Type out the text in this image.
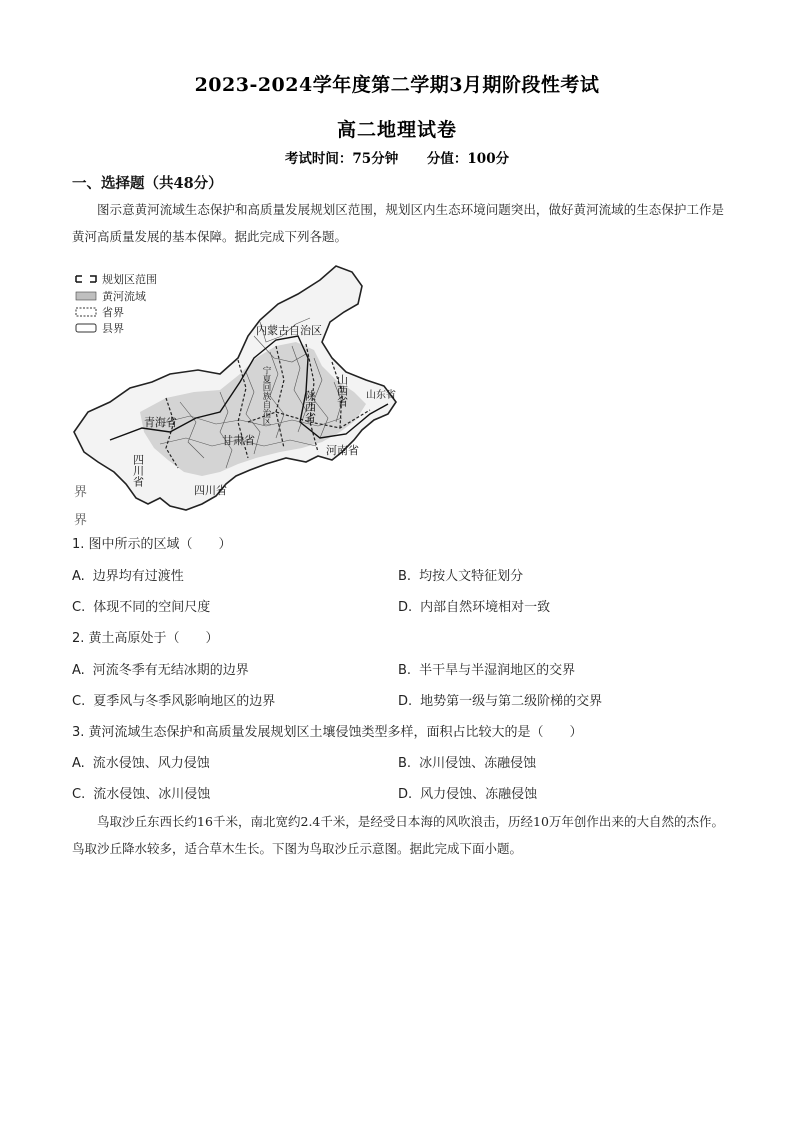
2023-2024学年度第二学期3月期阶段性考试
高二地理试卷
考试时间：75分钟 分值：100分
一、选择题（共48分）
图示意黄河流域生态保护和高质量发展规划区范围，规划区内生态环境问题突出，做好黄河流域的生态保护工作是黄河高质量发展的基本保障。据此完成下列各题。
规划区范围
黄河流域
省界
县界	内蒙古自治区
宁夏回族自治区
青海省
甘肃省
陕西省 山西省
河南省
山东省
四川省
四川省
界
界
1. 图中所示的区域（　　）
A. 边界均有过渡性	B. 均按人文特征划分
C. 体现不同的空间尺度	D. 内部自然环境相对一致
2. 黄土高原处于（　　）
A. 河流冬季有无结冰期的边界	B. 半干旱与半湿润地区的交界
C. 夏季风与冬季风影响地区的边界	D. 地势第一级与第二级阶梯的交界
3. 黄河流域生态保护和高质量发展规划区土壤侵蚀类型多样，面积占比较大的是（　　）
A. 流水侵蚀、风力侵蚀	B. 冰川侵蚀、冻融侵蚀
C. 流水侵蚀、冰川侵蚀	D. 风力侵蚀、冻融侵蚀
鸟取沙丘东西长约16千米，南北宽约2.4千米，是经受日本海的风吹浪击，历经10万年创作出来的大自然的杰作。鸟取沙丘降水较多，适合草木生长。下图为鸟取沙丘示意图。据此完成下面小题。
